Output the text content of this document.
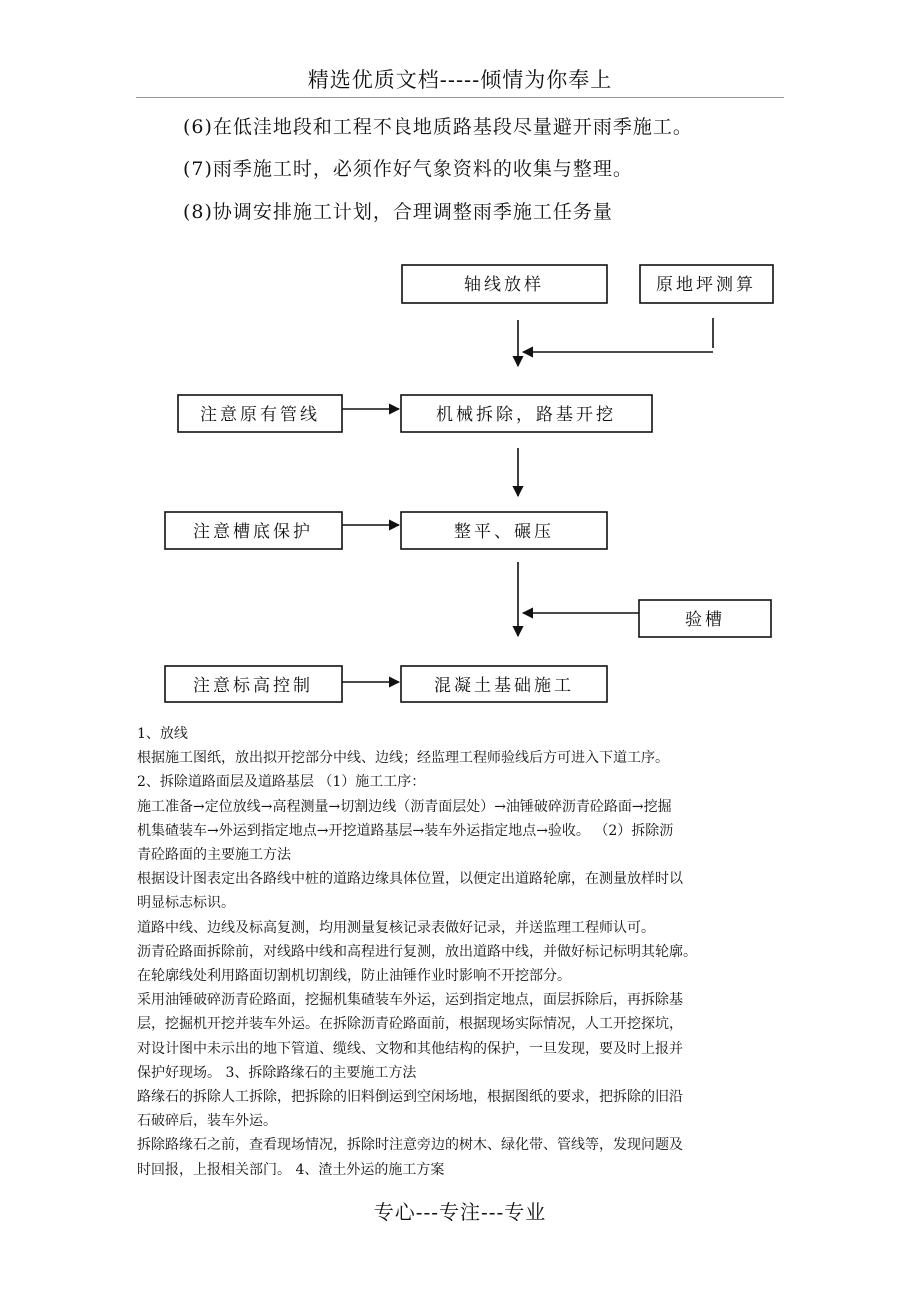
精选优质文档-----倾情为你奉上
(6)在低洼地段和工程不良地质路基段尽量避开雨季施工。
(7)雨季施工时，必须作好气象资料的收集与整理。
(8)协调安排施工计划，合理调整雨季施工任务量
轴线放样
机械拆除，路基开挖
整平、碾压
混凝土基础施工
原地坪测算
注意原有管线
注意槽底保护
验槽
注意标高控制

1、放线

根据施工图纸，放出拟开挖部分中线、边线；经监理工程师验线后方可进入下道工序。

2、拆除道路面层及道路基层 （1）施工工序：

施工准备→定位放线→高程测量→切割边线（沥青面层处）→油锤破碎沥青砼路面→挖掘

机集碴装车→外运到指定地点→开挖道路基层→装车外运指定地点→验收。 （2）拆除沥

青砼路面的主要施工方法

根据设计图表定出各路线中桩的道路边缘具体位置，以便定出道路轮廓，在测量放样时以

明显标志标识。

道路中线、边线及标高复测，均用测量复核记录表做好记录，并送监理工程师认可。

沥青砼路面拆除前，对线路中线和高程进行复测，放出道路中线，并做好标记标明其轮廓。

在轮廓线处利用路面切割机切割线，防止油锤作业时影响不开挖部分。

采用油锤破碎沥青砼路面，挖掘机集碴装车外运，运到指定地点，面层拆除后，再拆除基

层，挖掘机开挖并装车外运。在拆除沥青砼路面前，根据现场实际情况，人工开挖探坑，

对设计图中未示出的地下管道、缆线、文物和其他结构的保护，一旦发现，要及时上报并

保护好现场。 3、拆除路缘石的主要施工方法

路缘石的拆除人工拆除，把拆除的旧料倒运到空闲场地，根据图纸的要求，把拆除的旧沿

石破碎后，装车外运。

拆除路缘石之前，查看现场情况，拆除时注意旁边的树木、绿化带、管线等，发现问题及

时回报，上报相关部门。 4、渣土外运的施工方案

专心---专注---专业
